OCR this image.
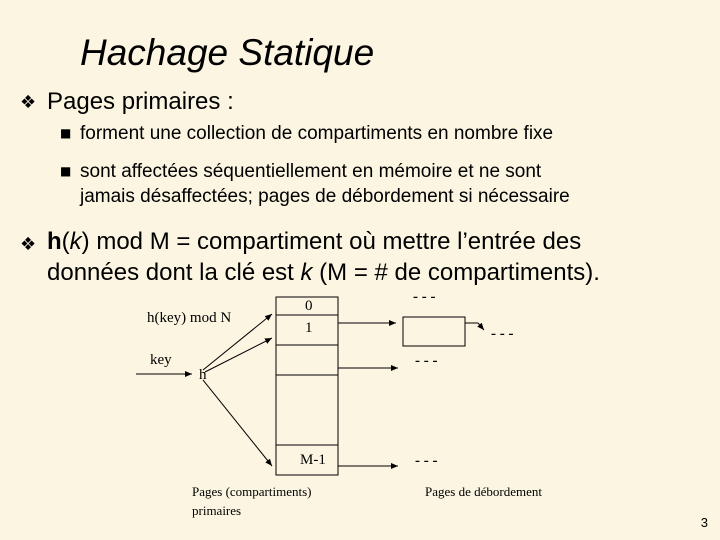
Hachage Statique
❖ Pages primaires :
■ forment une collection de compartiments en nombre fixe
■ sont affectées séquentiellement en mémoire et ne sont
jamais désaffectées; pages de débordement si nécessaire
❖ h(k) mod M = compartiment où mettre l’entrée des
données dont la clé est k (M = # de compartiments).
h(key) mod N
key
h
0
1
M-1
- - -
- - -
- - -
- - -
Pages (compartiments)
primaires
Pages de débordement
3
